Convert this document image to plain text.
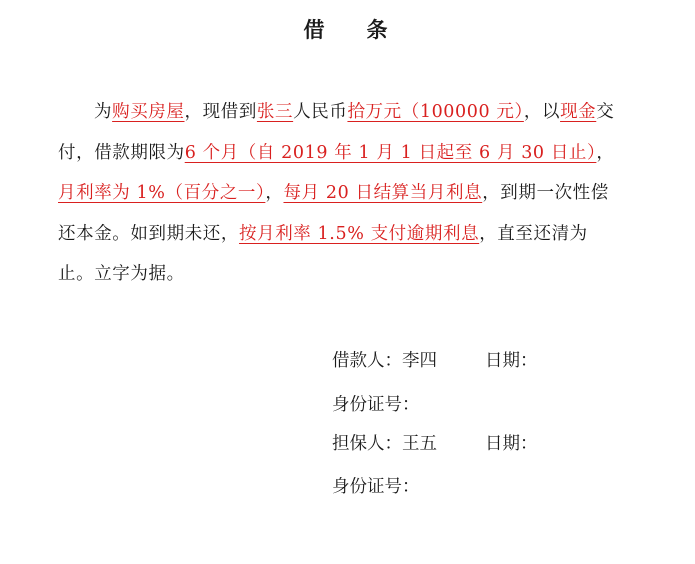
借 条
为购买房屋，现借到张三人民币拾万元（100000 元），以现金交付，借款期限为6 个月（自 2019 年 1 月 1 日起至 6 月 30 日止），月利率为 1%（百分之一），每月 20 日结算当月利息，到期一次性偿还本金。如到期未还，按月利率 1.5% 支付逾期利息，直至还清为止。立字为据。
借款人：李四	日期：
身份证号：
担保人：王五	日期：
身份证号：
